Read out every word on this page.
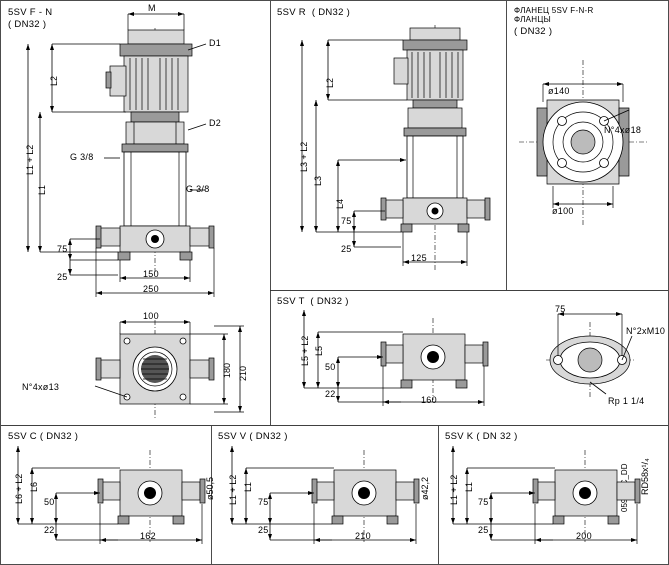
5SV F - N
( DN32 )
5SV R  ( DN32 )	ФЛАНЕЦ 5SV F-N-R
ФЛАНЦЫ
( DN32 )
5SV T  ( DN32 )
5SV C ( DN32 )	5SV V ( DN32 )	5SV K ( DN 32 )
M
D1
D2
L2
L1 + L2
L1
G 3/8
G 3/8
75
25	150
250
100
180 210
N°4xø13
L2
L3 + L2
L3
L4
75
25
125
ø140
ø100
N°4xø18
L5 + L2 L5
50
22
160
75
N°2xM10
Rp 1 1/4
L6 + L2 L6
50
22
162
ø50,5 L1 + L2 L1
75
25
210
ø42,2 L1 + L2 L1
75
25
200
RD58x¹/₄
